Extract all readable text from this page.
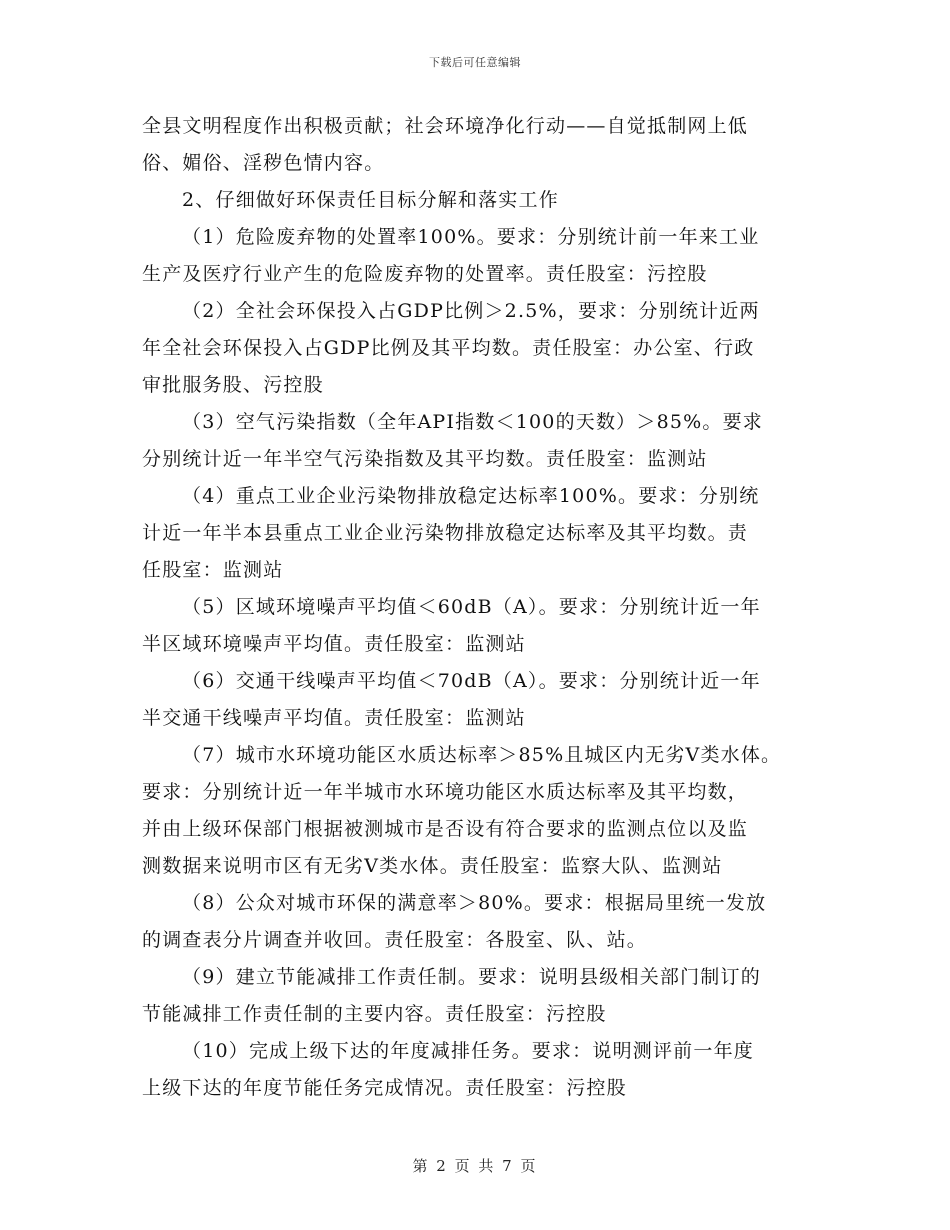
下载后可任意编辑
全县文明程度作出积极贡献；社会环境净化行动——自觉抵制网上低
俗、媚俗、淫秽色情内容。
2、仔细做好环保责任目标分解和落实工作
（1）危险废弃物的处置率100%。要求：分别统计前一年来工业
生产及医疗行业产生的危险废弃物的处置率。责任股室：污控股
（2）全社会环保投入占GDP比例＞2.5%，要求：分别统计近两
年全社会环保投入占GDP比例及其平均数。责任股室：办公室、行政
审批服务股、污控股
（3）空气污染指数（全年API指数＜100的天数）＞85%。要求
分别统计近一年半空气污染指数及其平均数。责任股室：监测站
（4）重点工业企业污染物排放稳定达标率100%。要求：分别统
计近一年半本县重点工业企业污染物排放稳定达标率及其平均数。责
任股室：监测站
（5）区域环境噪声平均值＜60dB（A）。要求：分别统计近一年
半区域环境噪声平均值。责任股室：监测站
（6）交通干线噪声平均值＜70dB（A）。要求：分别统计近一年
半交通干线噪声平均值。责任股室：监测站
（7）城市水环境功能区水质达标率＞85%且城区内无劣Ⅴ类水体。
要求：分别统计近一年半城市水环境功能区水质达标率及其平均数，
并由上级环保部门根据被测城市是否设有符合要求的监测点位以及监
测数据来说明市区有无劣Ⅴ类水体。责任股室：监察大队、监测站
（8）公众对城市环保的满意率＞80%。要求：根据局里统一发放
的调查表分片调查并收回。责任股室：各股室、队、站。
（9）建立节能减排工作责任制。要求：说明县级相关部门制订的
节能减排工作责任制的主要内容。责任股室：污控股
（10）完成上级下达的年度减排任务。要求：说明测评前一年度
上级下达的年度节能任务完成情况。责任股室：污控股
第 2 页 共 7 页
